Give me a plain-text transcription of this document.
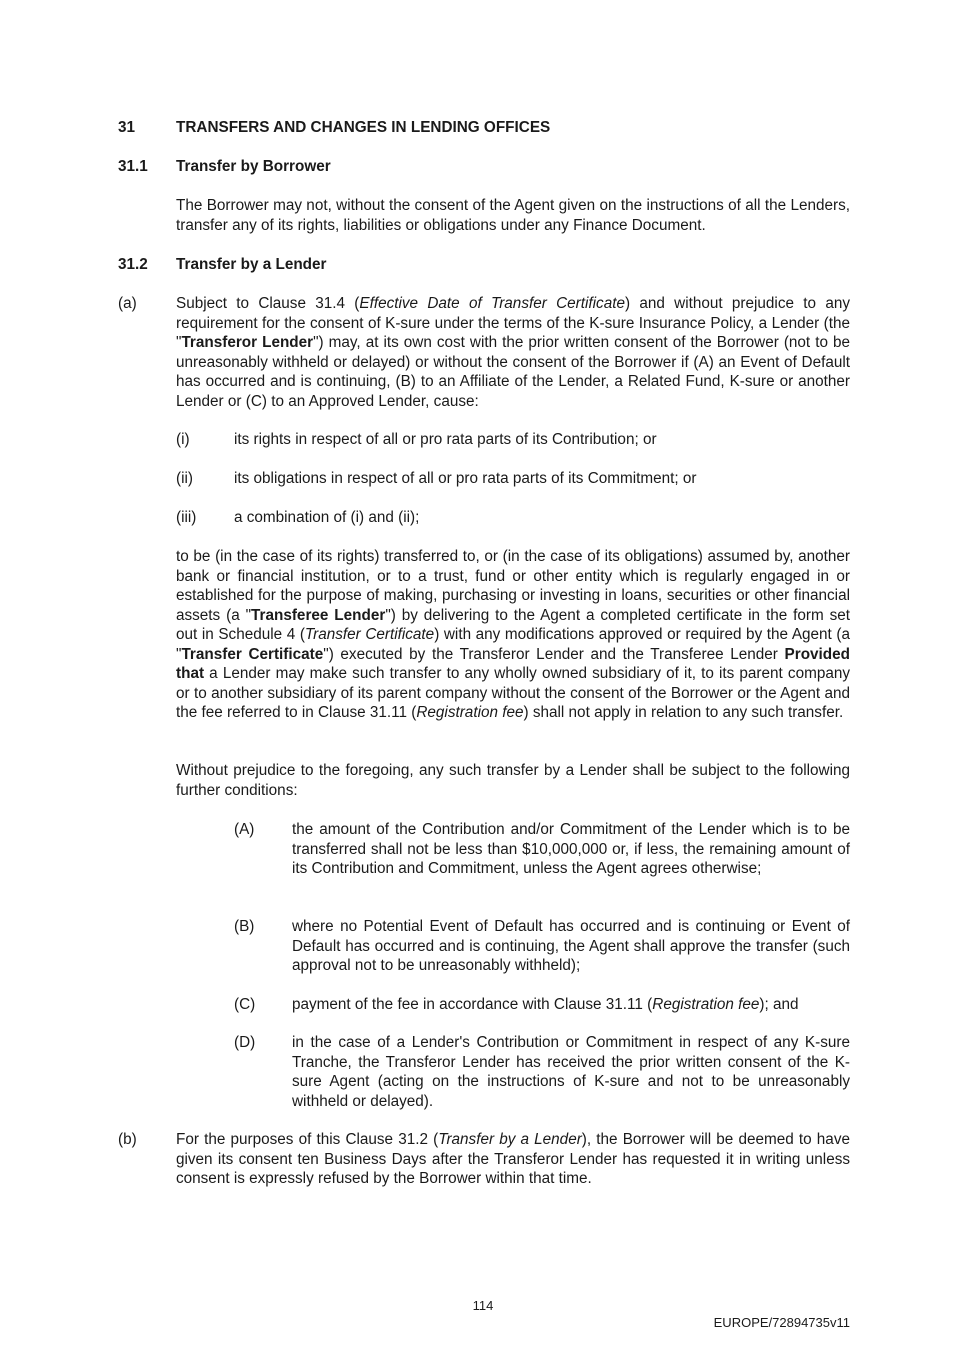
31	TRANSFERS AND CHANGES IN LENDING OFFICES
31.1 Transfer by Borrower
The Borrower may not, without the consent of the Agent given on the instructions of all the Lenders, transfer any of its rights, liabilities or obligations under any Finance Document.
31.2 Transfer by a Lender
(a)	Subject to Clause 31.4 (Effective Date of Transfer Certificate) and without prejudice to any requirement for the consent of K-sure under the terms of the K-sure Insurance Policy, a Lender (the "Transferor Lender") may, at its own cost with the prior written consent of the Borrower (not to be unreasonably withheld or delayed) or without the consent of the Borrower if (A) an Event of Default has occurred and is continuing, (B) to an Affiliate of the Lender, a Related Fund, K-sure or another Lender or (C) to an Approved Lender, cause:
(i)	its rights in respect of all or pro rata parts of its Contribution; or
(ii)	its obligations in respect of all or pro rata parts of its Commitment; or
(iii) a combination of (i) and (ii);
to be (in the case of its rights) transferred to, or (in the case of its obligations) assumed by, another bank or financial institution, or to a trust, fund or other entity which is regularly engaged in or established for the purpose of making, purchasing or investing in loans, securities or other financial assets (a "Transferee Lender") by delivering to the Agent a completed certificate in the form set out in Schedule 4 (Transfer Certificate) with any modifications approved or required by the Agent (a "Transfer Certificate") executed by the Transferor Lender and the Transferee Lender Provided that a Lender may make such transfer to any wholly owned subsidiary of it, to its parent company or to another subsidiary of its parent company without the consent of the Borrower or the Agent and the fee referred to in Clause 31.11 (Registration fee) shall not apply in relation to any such transfer.
Without prejudice to the foregoing, any such transfer by a Lender shall be subject to the following further conditions:
(A) the amount of the Contribution and/or Commitment of the Lender which is to be transferred shall not be less than $10,000,000 or, if less, the remaining amount of its Contribution and Commitment, unless the Agent agrees otherwise;
(B) where no Potential Event of Default has occurred and is continuing or Event of Default has occurred and is continuing, the Agent shall approve the transfer (such approval not to be unreasonably withheld);
(C) payment of the fee in accordance with Clause 31.11 (Registration fee); and
(D) in the case of a Lender's Contribution or Commitment in respect of any K-sure Tranche, the Transferor Lender has received the prior written consent of the K-sure Agent (acting on the instructions of K-sure and not to be unreasonably withheld or delayed).
(b)	For the purposes of this Clause 31.2 (Transfer by a Lender), the Borrower will be deemed to have given its consent ten Business Days after the Transferor Lender has requested it in writing unless consent is expressly refused by the Borrower within that time.
114
EUROPE/72894735v11
